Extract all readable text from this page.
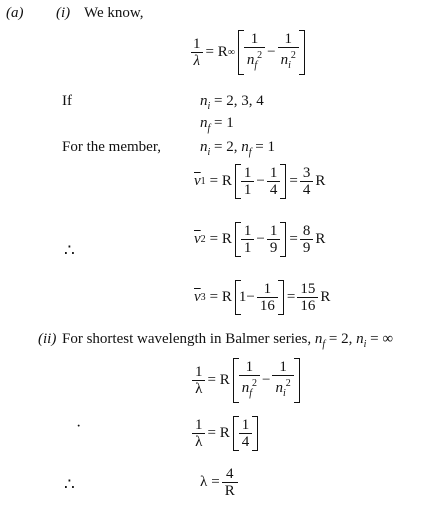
(a) (i) We know,
$\frac{1}{\lambda} = R$ ∞ $\frac{1}{n_f^2} - \frac{1}{n_i^2}$
If	$n_i = 2$, 3, 4
$n_f = 1$
For the member,	$n_i = 2$, $n_f = 1$
$\overline{v}$ 1 = R $\frac{1}{1} - \frac{1}{4} = \frac{3}{4}$ R
∴
$\overline{v}$ 2 = R $\frac{1}{1} - \frac{1}{9} = \frac{8}{9}$ R
$\overline{v}$ 3 = R $1 - \frac{1}{16} = \frac{15}{16}$ R
(ii) For shortest wavelength in Balmer series, $n_f = 2$, $n_i$ = ∞
$\frac{1}{\lambda} = R \frac{1}{n_f^2} - \frac{1}{n_i^2}$
·	$\frac{1}{\lambda} = R \frac{1}{4}$
∴	$\lambda = \frac{4}{R}$
